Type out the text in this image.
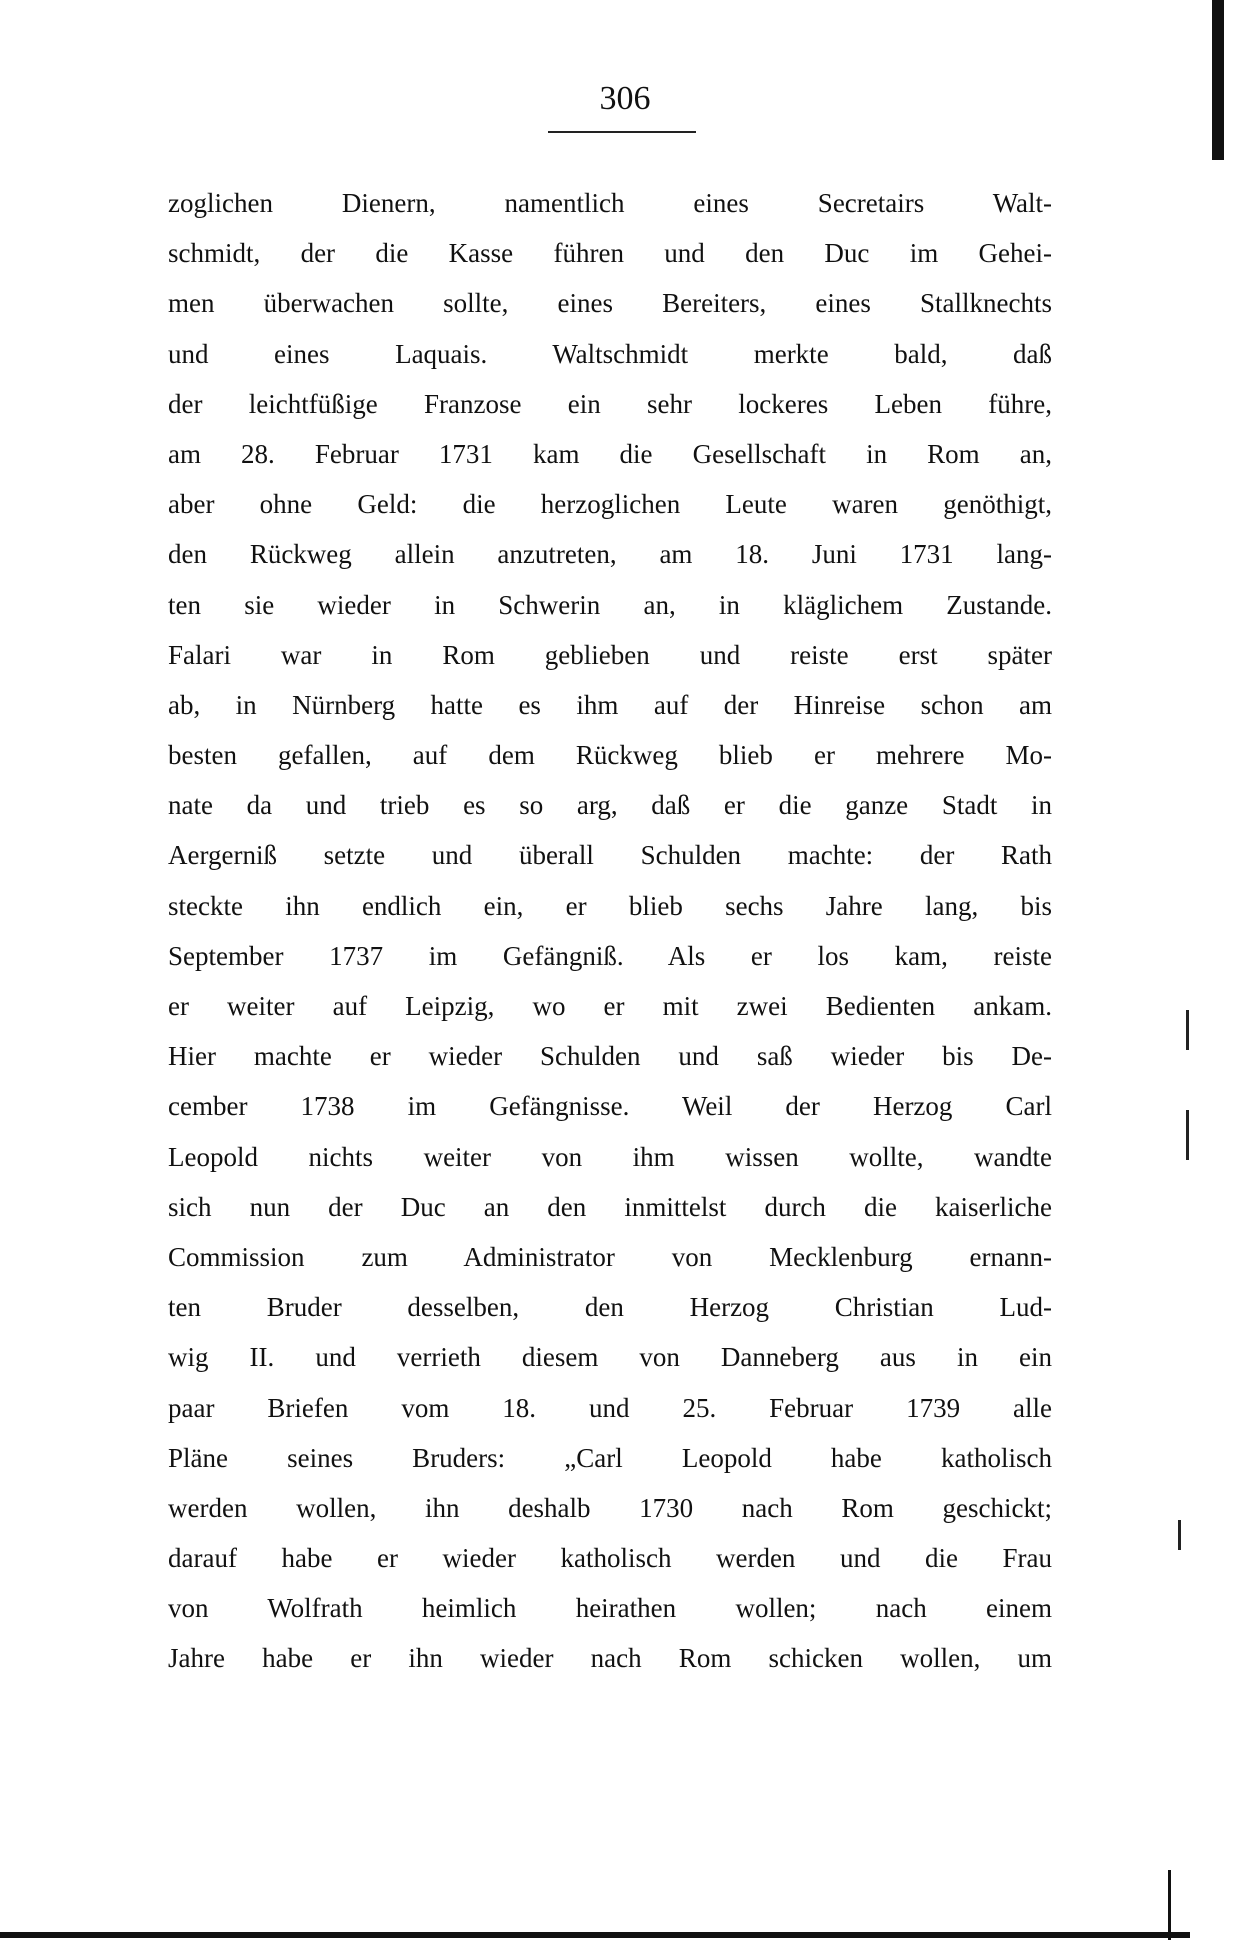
306
zoglichen Dienern, namentlich eines Secretairs Walt-
schmidt, der die Kasse führen und den Duc im Gehei-
men überwachen sollte, eines Bereiters, eines Stallknechts
und eines Laquais. Waltschmidt merkte bald, daß
der leichtfüßige Franzose ein sehr lockeres Leben führe,
am 28. Februar 1731 kam die Gesellschaft in Rom an,
aber ohne Geld: die herzoglichen Leute waren genöthigt,
den Rückweg allein anzutreten, am 18. Juni 1731 lang-
ten sie wieder in Schwerin an, in kläglichem Zustande.
Falari war in Rom geblieben und reiste erst später
ab, in Nürnberg hatte es ihm auf der Hinreise schon am
besten gefallen, auf dem Rückweg blieb er mehrere Mo-
nate da und trieb es so arg, daß er die ganze Stadt in
Aergerniß setzte und überall Schulden machte: der Rath
steckte ihn endlich ein, er blieb sechs Jahre lang, bis
September 1737 im Gefängniß. Als er los kam, reiste
er weiter auf Leipzig, wo er mit zwei Bedienten ankam.
Hier machte er wieder Schulden und saß wieder bis De-
cember 1738 im Gefängnisse. Weil der Herzog Carl
Leopold nichts weiter von ihm wissen wollte, wandte
sich nun der Duc an den inmittelst durch die kaiserliche
Commission zum Administrator von Mecklenburg ernann-
ten Bruder desselben, den Herzog Christian Lud-
wig II. und verrieth diesem von Danneberg aus in ein
paar Briefen vom 18. und 25. Februar 1739 alle
Pläne seines Bruders: „Carl Leopold habe katholisch
werden wollen, ihn deshalb 1730 nach Rom geschickt;
darauf habe er wieder katholisch werden und die Frau
von Wolfrath heimlich heirathen wollen; nach einem
Jahre habe er ihn wieder nach Rom schicken wollen, um
